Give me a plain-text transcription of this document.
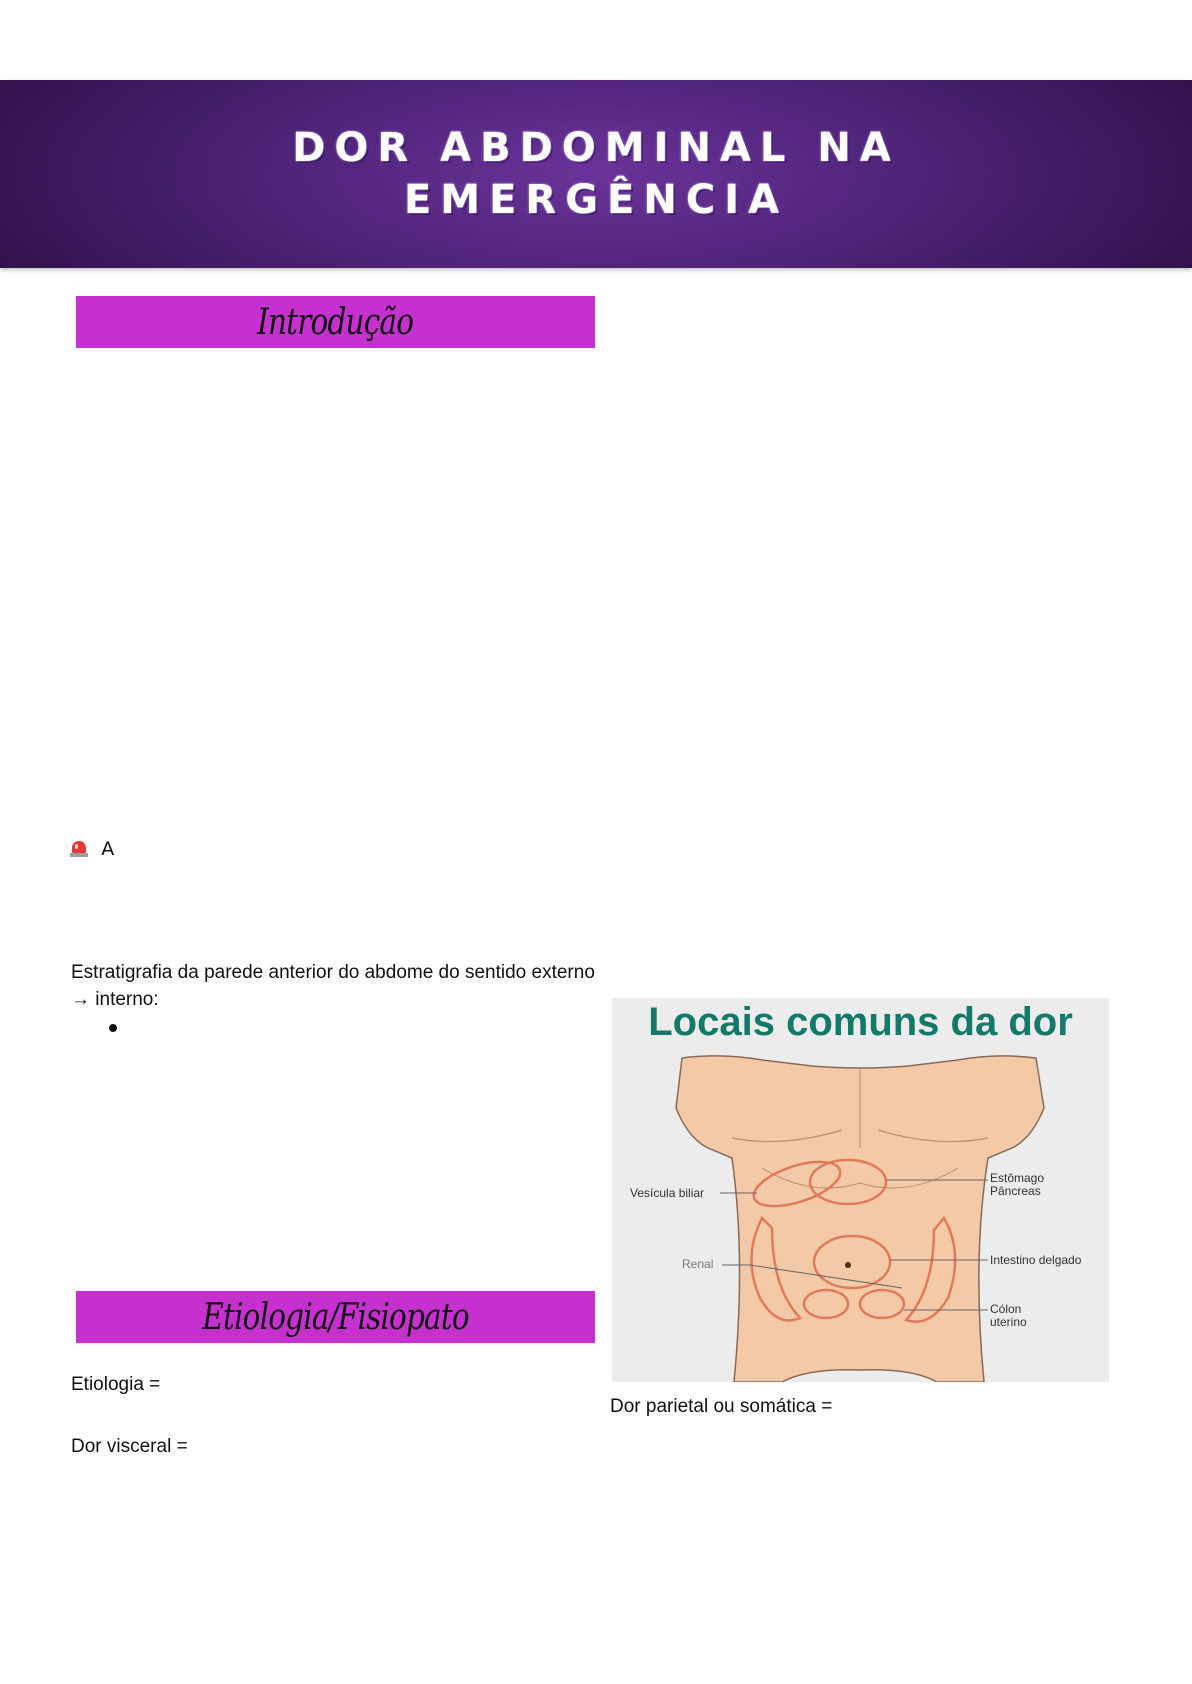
DOR ABDOMINAL NA
EMERGÊNCIA
Introdução
A
Estratigrafia da parede anterior do abdome do sentido externo
→ interno:
Locais comuns da dor
Vesícula biliar
Estômago
Pâncreas
Renal	Intestino delgado
Cólon
uterino
Etiologia/Fisiopato
Etiologia =
Dor parietal ou somática =
Dor visceral =
